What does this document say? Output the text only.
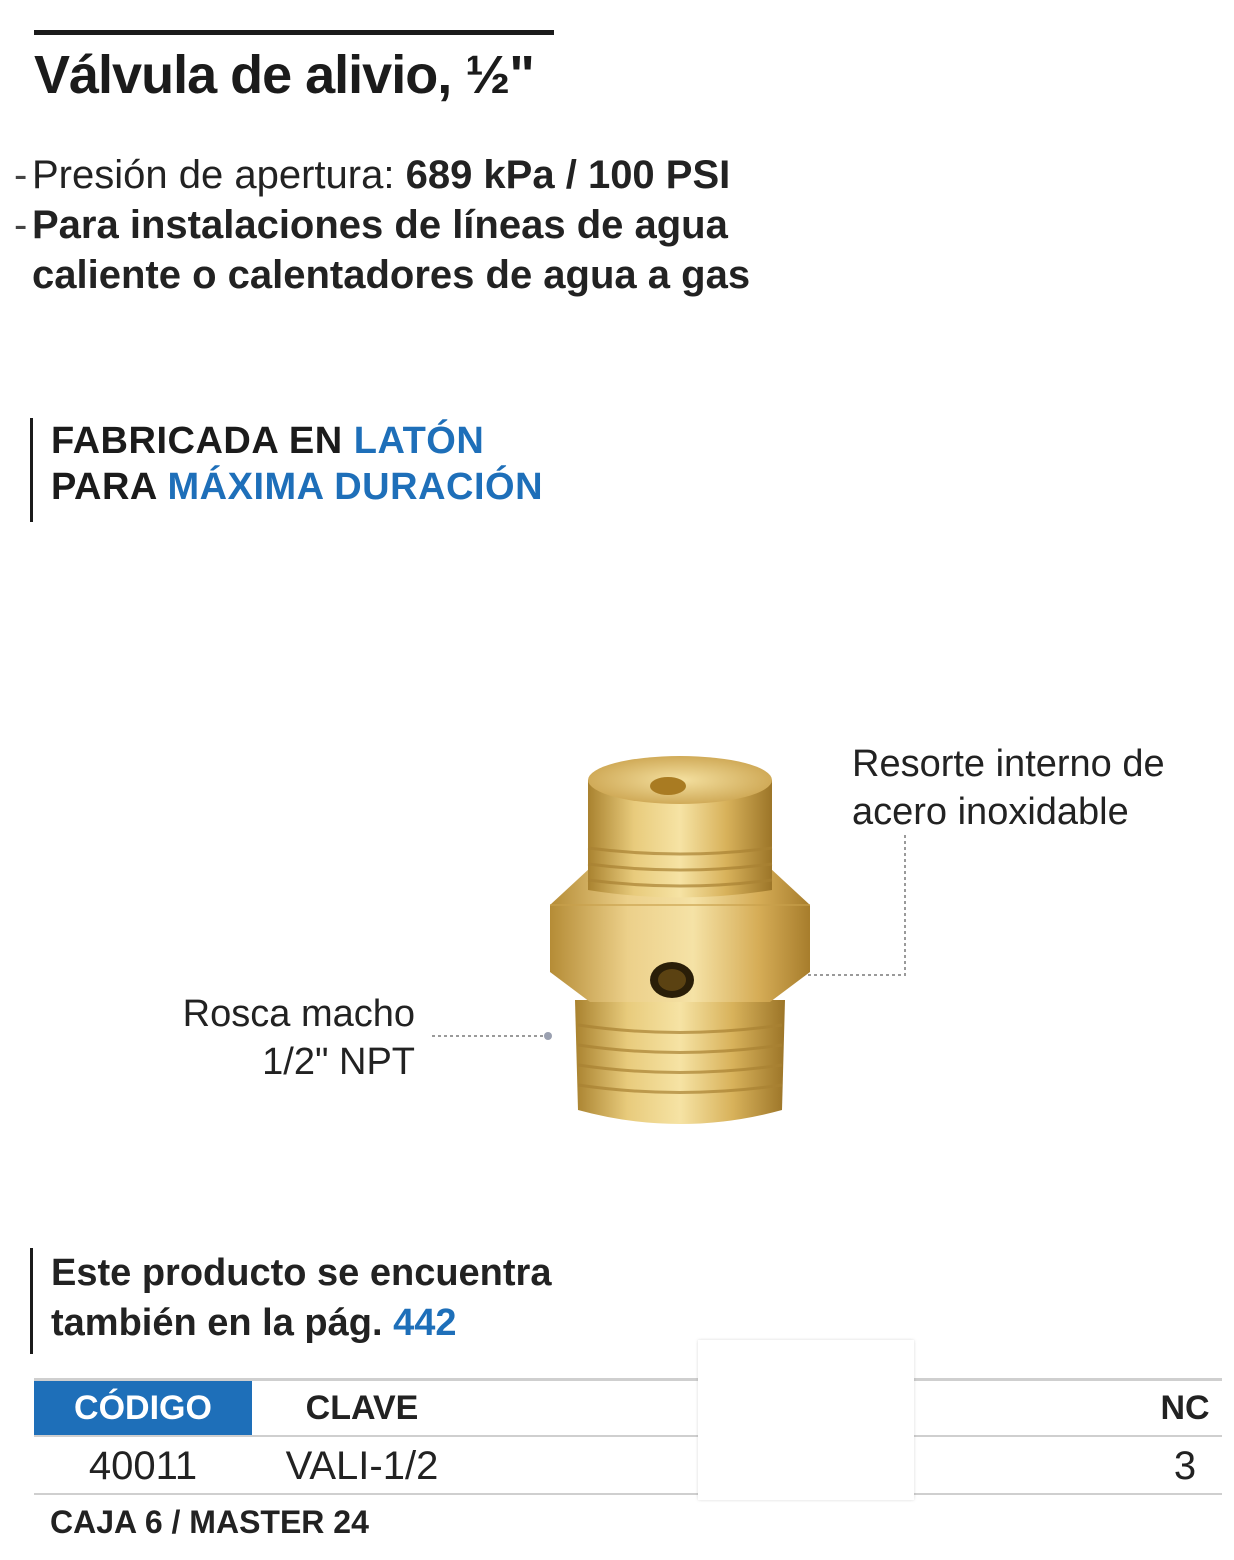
Válvula de alivio, ½"
- Presión de apertura: 689 kPa / 100 PSI
- Para instalaciones de líneas de agua
caliente o calentadores de agua a gas
FABRICADA EN LATÓN
PARA MÁXIMA DURACIÓN
Resorte interno de
acero inoxidable
Rosca macho
1/2" NPT
Este producto se encuentra
también en la pág. 442
CÓDIGO	CLAVE	NC
40011	VALI-1/2	3
CAJA 6 / MASTER 24
